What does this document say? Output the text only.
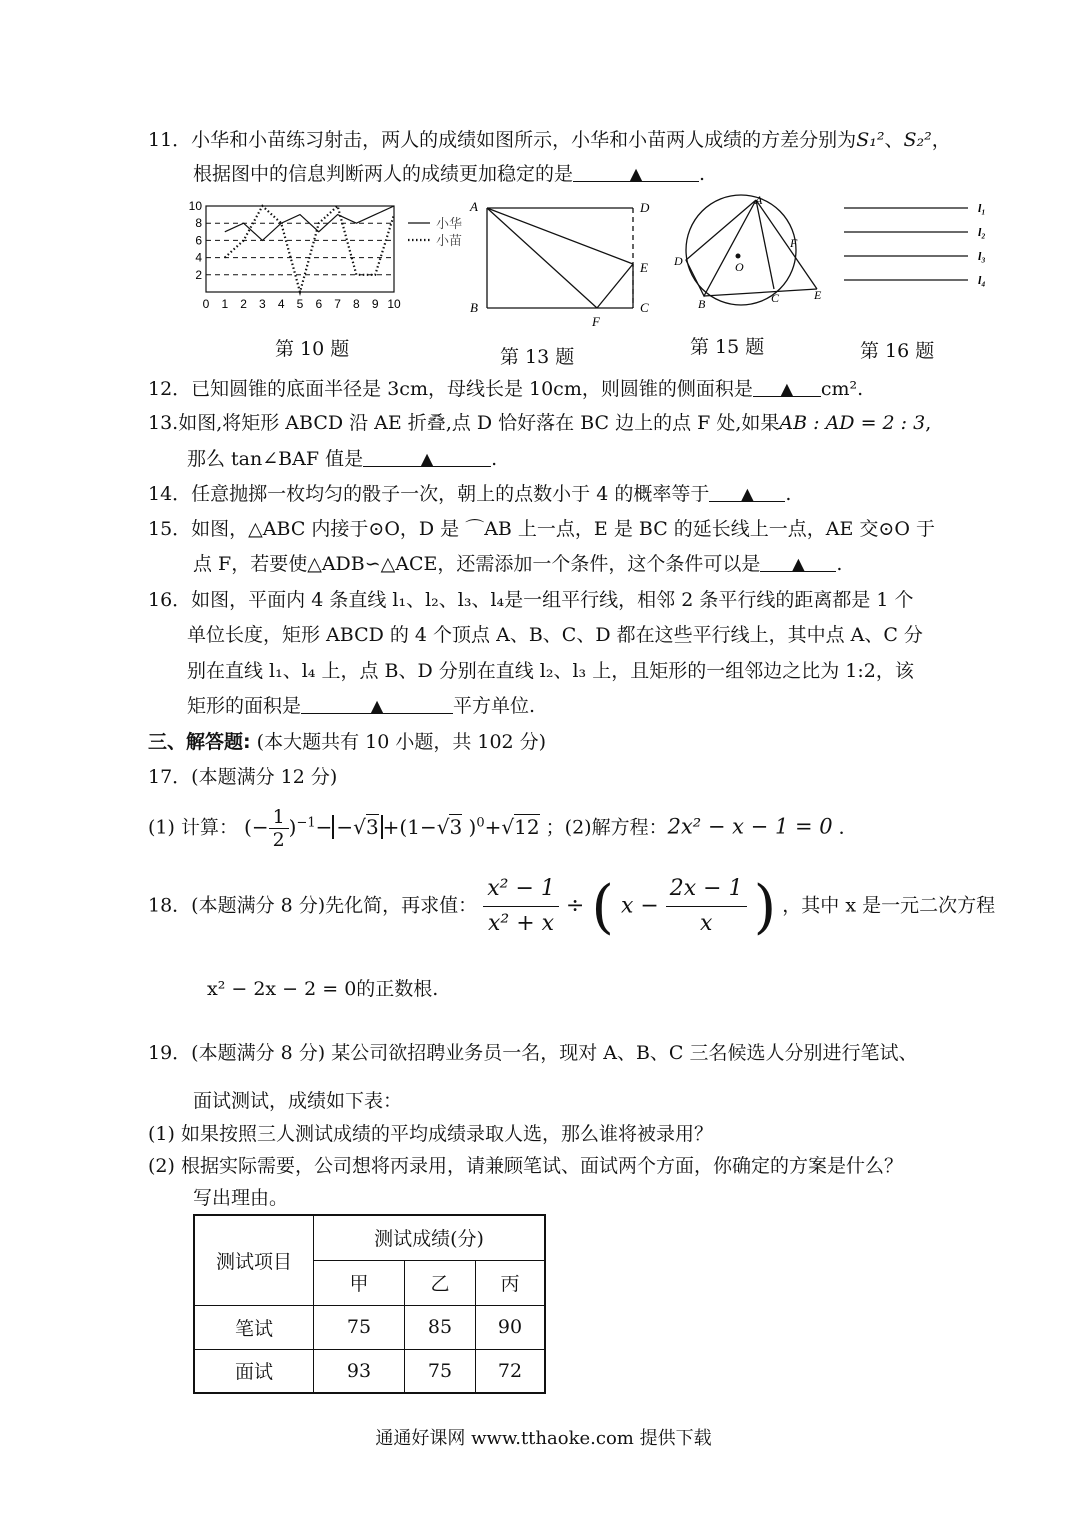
11．小华和小苗练习射击，两人的成绩如图所示，小华和小苗两人成绩的方差分别为S₁²、S₂²，
根据图中的信息判断两人的成绩更加稳定的是	▲	.
2
4
6
8
10
0 1 2 3 4 5 6 7 8 9 10
小华
小苗
A	D
E
C
B
F
A
D
B	C	E
F
O
l₁
l₂
l₃
l₄
第 10 题	第 13 题	第 15 题	第 16 题
12．已知圆锥的底面半径是 3cm，母线长是 10cm，则圆锥的侧面积是 ▲ cm².
13.如图,将矩形 ABCD 沿 AE 折叠,点 D 恰好落在 BC 边上的点 F 处,如果AB : AD = 2 : 3,
那么 tan∠BAF 值是	▲	.
14．任意抛掷一枚均匀的骰子一次，朝上的点数小于 4 的概率等于 ▲ .
15．如图，△ABC 内接于⊙O，D 是 ⌒AB 上一点，E 是 BC 的延长线上一点，AE 交⊙O 于
点 F，若要使△ADB∽△ACE，还需添加一个条件，这个条件可以是 ▲ .
16．如图，平面内 4 条直线 l₁、l₂、l₃、l₄是一组平行线，相邻 2 条平行线的距离都是 1 个
单位长度，矩形 ABCD 的 4 个顶点 A、B、C、D 都在这些平行线上，其中点 A、C 分
别在直线 l₁、l₄ 上，点 B、D 分别在直线 l₂、l₃ 上，且矩形的一组邻边之比为 1:2，该
矩形的面积是	▲	平方单位.
三、解答题: (本大题共有 10 小题，共 102 分)
17．(本题满分 12 分)
(1) 计算： (− $\frac{1}{2} )^{-1}- -√3 +(1-√3$ )$^0$+√12 ；(2)解方程：2x² − x − 1 = 0 ．
18．(本题满分 8 分)先化简，再求值： $\frac{\text{x² − 1}}{\text{x² + x}}$ ÷ ( $x - \frac{2x - 1}{x}$ ) ，其中 x 是一元二次方程
x² − 2x − 2 = 0的正数根.
19．(本题满分 8 分) 某公司欲招聘业务员一名，现对 A、B、C 三名候选人分别进行笔试、
面试测试，成绩如下表：
(1) 如果按照三人测试成绩的平均成绩录取人选，那么谁将被录用？
(2) 根据实际需要，公司想将丙录用，请兼顾笔试、面试两个方面，你确定的方案是什么？
写出理由。
测试项目	测试成绩(分)		
	甲	乙	丙
笔试	75	85	90
面试	93	75	72
通通好课网 www.tthaoke.com 提供下载
